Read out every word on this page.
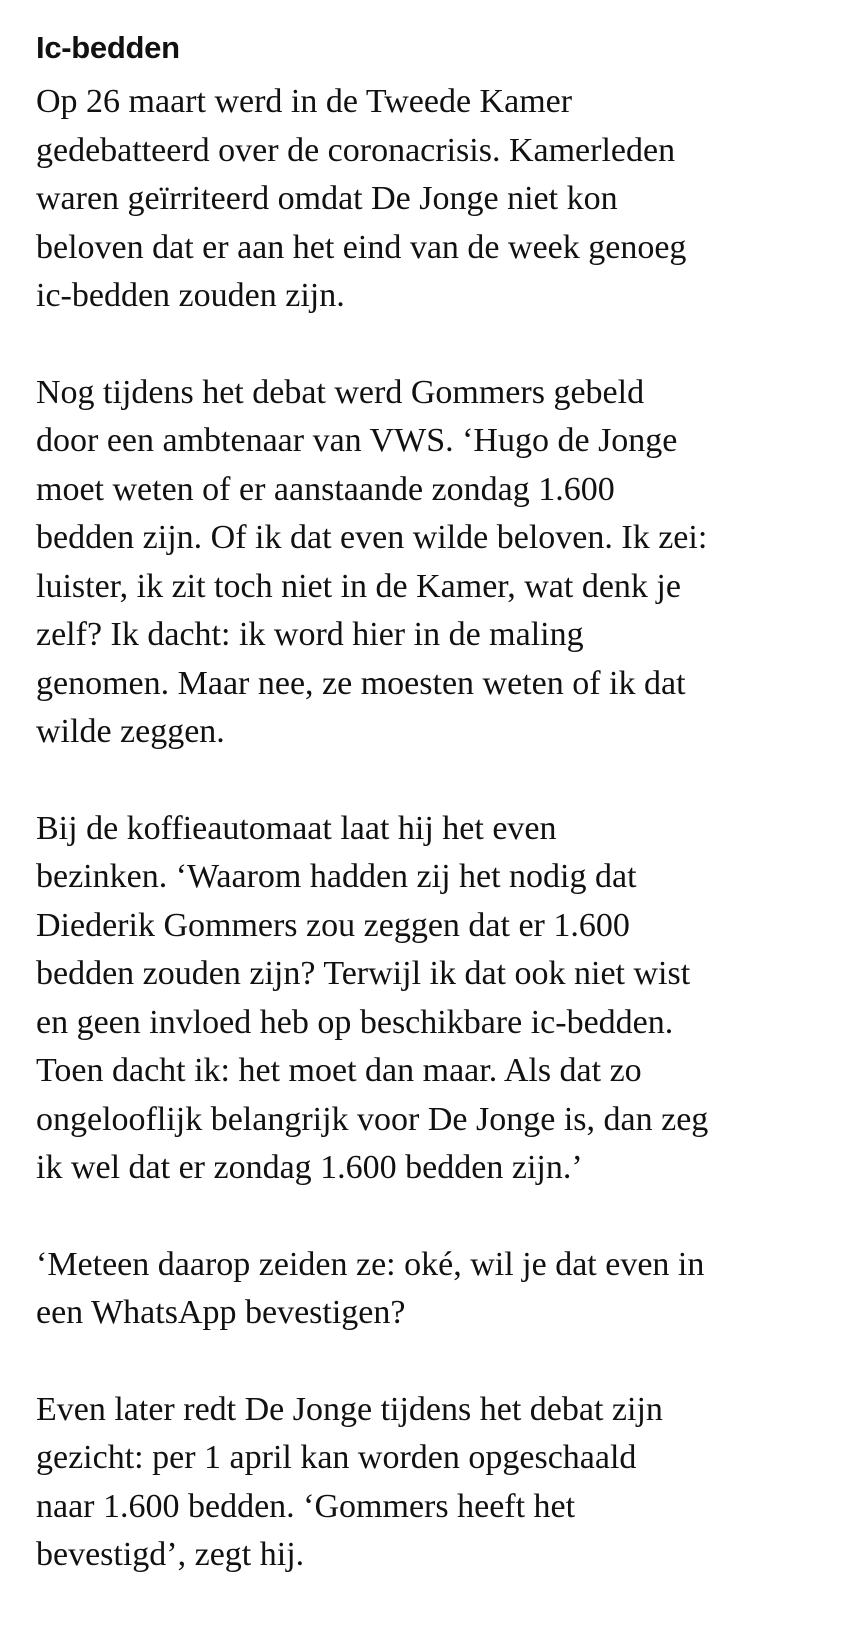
Ic-bedden

Op 26 maart werd in de Tweede Kamer
gedebatteerd over de coronacrisis. Kamerleden
waren geïrriteerd omdat De Jonge niet kon
beloven dat er aan het eind van de week genoeg
ic-bedden zouden zijn.

Nog tijdens het debat werd Gommers gebeld
door een ambtenaar van VWS. ‘Hugo de Jonge
moet weten of er aanstaande zondag 1.600
bedden zijn. Of ik dat even wilde beloven. Ik zei:
luister, ik zit toch niet in de Kamer, wat denk je
zelf? Ik dacht: ik word hier in de maling
genomen. Maar nee, ze moesten weten of ik dat
wilde zeggen.

Bij de koffieautomaat laat hij het even
bezinken. ‘Waarom hadden zij het nodig dat
Diederik Gommers zou zeggen dat er 1.600
bedden zouden zijn? Terwijl ik dat ook niet wist
en geen invloed heb op beschikbare ic-bedden.
Toen dacht ik: het moet dan maar. Als dat zo
ongelooflijk belangrijk voor De Jonge is, dan zeg
ik wel dat er zondag 1.600 bedden zijn.’

‘Meteen daarop zeiden ze: oké, wil je dat even in
een WhatsApp bevestigen?

Even later redt De Jonge tijdens het debat zijn
gezicht: per 1 april kan worden opgeschaald
naar 1.600 bedden. ‘Gommers heeft het
bevestigd’, zegt hij.
